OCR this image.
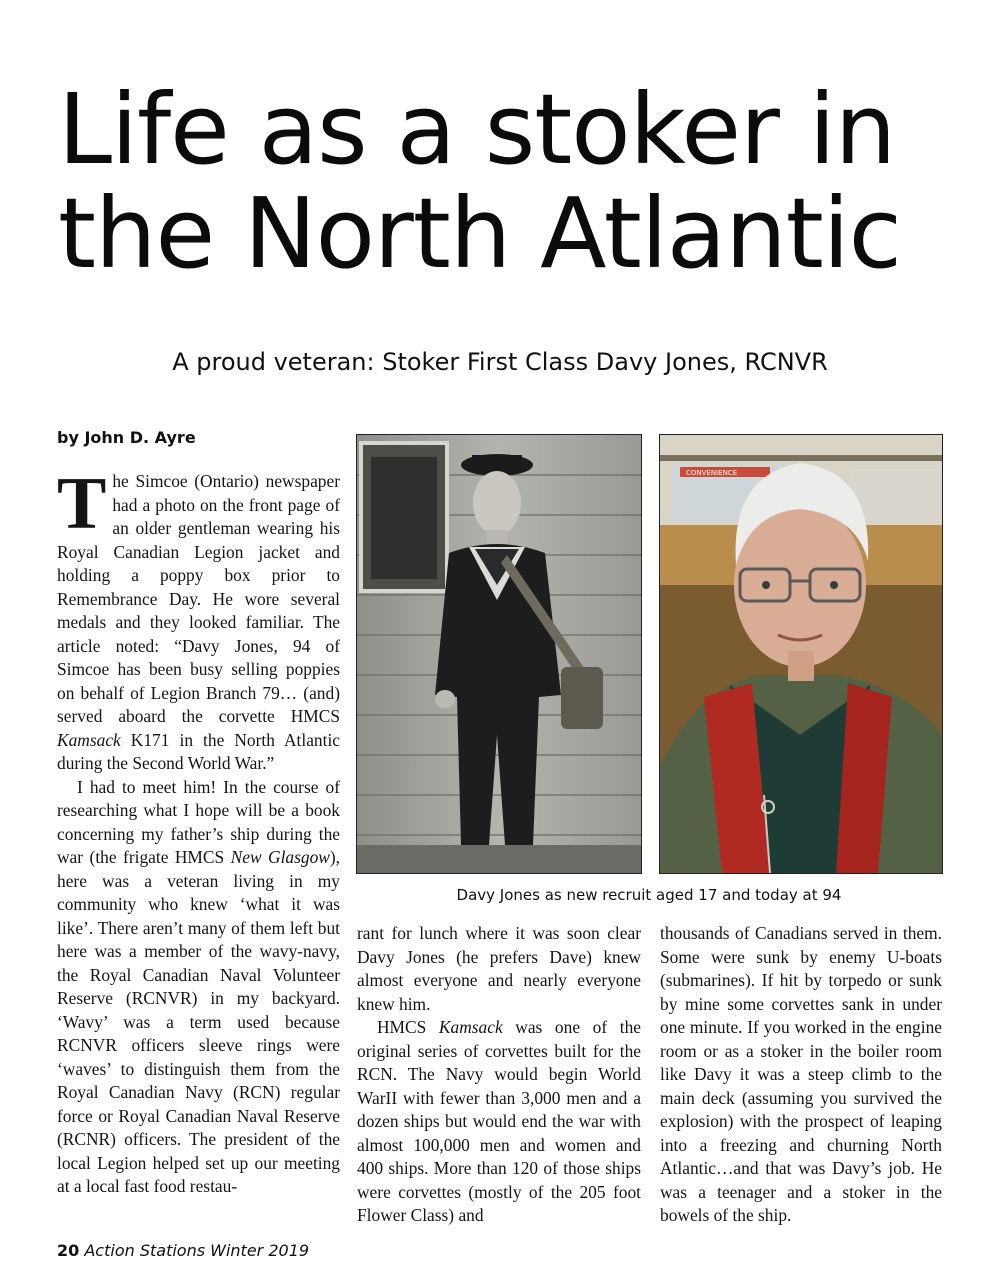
Life as a stoker in
the North Atlantic
A proud veteran: Stoker First Class Davy Jones, RCNVR

by John D. Ayre

The Simcoe (Ontario) newspaper had a photo on the front page of an older gentleman wearing his Royal Canadian Legion jacket and holding a poppy box prior to Remembrance Day. He wore several medals and they looked familiar. The article noted: “Davy Jones, 94 of Simcoe has been busy selling poppies on behalf of Legion Branch 79… (and) served aboard the corvette HMCS Kamsack K171 in the North Atlantic during the Second World War.”

I had to meet him! In the course of researching what I hope will be a book concerning my father’s ship during the war (the frigate HMCS New Glasgow), here was a veteran living in my community who knew ‘what it was like’. There aren’t many of them left but here was a member of the wavy-navy, the Royal Canadian Naval Volunteer Reserve (RCNVR) in my backyard. ‘Wavy’ was a term used because RCNVR officers sleeve rings were ‘waves’ to distinguish them from the Royal Canadian Navy (RCN) regular force or Royal Canadian Naval Reserve (RCNR) officers. The president of the local Legion helped set up our meeting at a local fast food restau-

CONVENIENCE

Davy Jones as new recruit aged 17 and today at 94

rant for lunch where it was soon clear Davy Jones (he prefers Dave) knew almost everyone and nearly everyone knew him.

HMCS Kamsack was one of the original series of corvettes built for the RCN. The Navy would begin World WarII with fewer than 3,000 men and a dozen ships but would end the war with almost 100,000 men and women and 400 ships. More than 120 of those ships were corvettes (mostly of the 205 foot Flower Class) and

thousands of Canadians served in them. Some were sunk by enemy U-boats (submarines). If hit by torpedo or sunk by mine some corvettes sank in under one minute. If you worked in the engine room or as a stoker in the boiler room like Davy it was a steep climb to the main deck (assuming you survived the explosion) with the prospect of leaping into a freezing and churning North Atlantic…and that was Davy’s job. He was a teenager and a stoker in the bowels of the ship.

20 Action Stations Winter 2019
